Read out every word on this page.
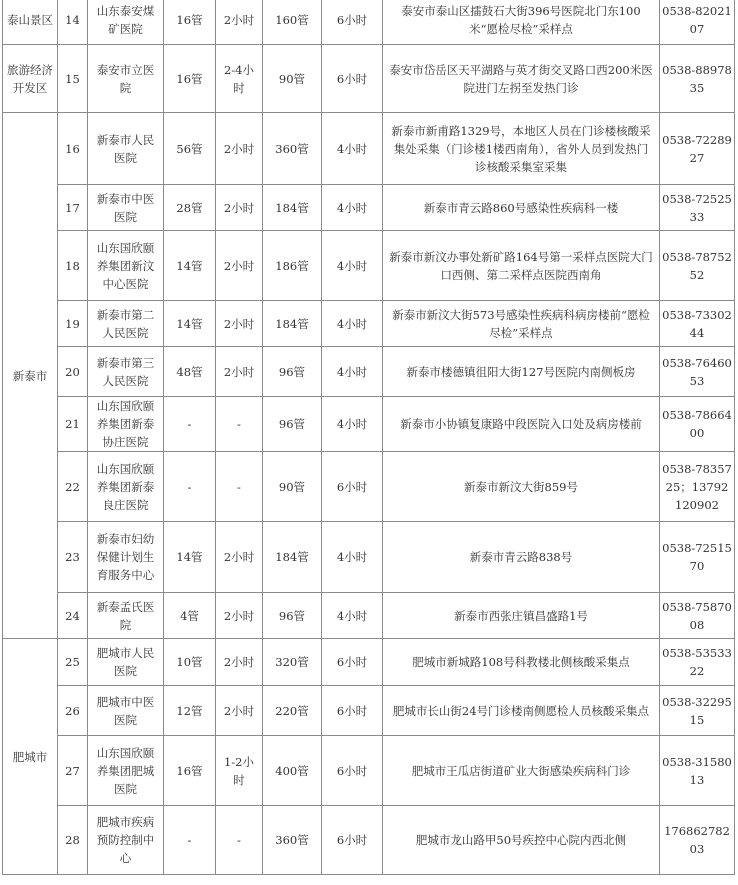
泰山景区	14	山东泰安煤矿医院	16管	2小时	160管	6小时	泰安市泰山区擂鼓石大街396号医院北门东100米“愿检尽检”采样点	0538-8202107
旅游经济开发区	15	泰安市立医院	16管	2-4小时	90管	6小时	泰安市岱岳区天平湖路与英才街交叉路口西200米医院进门左拐至发热门诊	0538-8897835
新泰市	16	新泰市人民医院	56管	2小时	360管	4小时	新泰市新甫路1329号，本地区人员在门诊楼核酸采集处采集（门诊楼1楼西南角），省外人员到发热门诊核酸采集室采集	0538-7228927
	17	新泰市中医医院	28管	2小时	184管	4小时	新泰市青云路860号感染性疾病科一楼	0538-7252533
	18	山东国欣颐养集团新汶中心医院	14管	2小时	186管	4小时	新泰市新汶办事处新矿路164号第一采样点医院大门口西侧、第二采样点医院西南角	0538-7875252
	19	新泰市第二人民医院	14管	2小时	184管	4小时	新泰市新汶大街573号感染性疾病科病房楼前“愿检尽检”采样点	0538-7330244
	20	新泰市第三人民医院	48管	2小时	96管	4小时	新泰市楼德镇徂阳大街127号医院内南侧板房	0538-7646053
	21	山东国欣颐养集团新泰协庄医院	-	-	96管	4小时	新泰市小协镇复康路中段医院入口处及病房楼前	0538-7866400
	22	山东国欣颐养集团新泰良庄医院	-	-	90管	6小时	新泰市新汶大街859号	0538-7835725；13792120902
	23	新泰市妇幼保健计划生育服务中心	14管	2小时	184管	4小时	新泰市青云路838号	0538-7251570
	24	新泰孟氏医院	4管	2小时	96管	4小时	新泰市西张庄镇昌盛路1号	0538-7587008
肥城市	25	肥城市人民医院	10管	2小时	320管	6小时	肥城市新城路108号科教楼北侧核酸采集点	0538-5353322
	26	肥城市中医医院	12管	2小时	220管	6小时	肥城市长山街24号门诊楼南侧愿检人员核酸采集点	0538-3229515
	27	山东国欣颐养集团肥城医院	16管	1-2小时	400管	6小时	肥城市王瓜店街道矿业大街感染疾病科门诊	0538-3158013
	28	肥城市疾病预防控制中心	-	-	360管	6小时	肥城市龙山路甲50号疾控中心院内西北侧	17686278203
